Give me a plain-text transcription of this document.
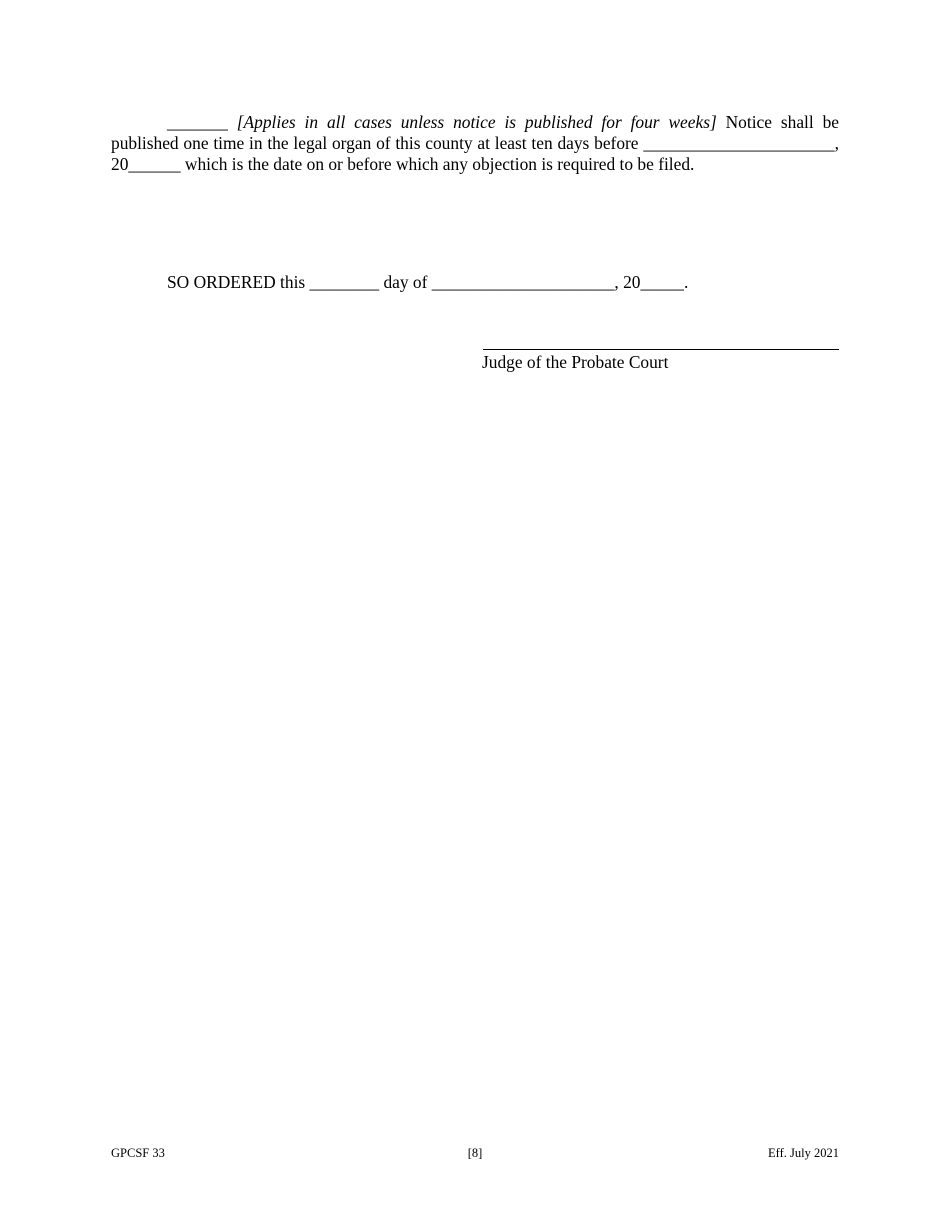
_______ [Applies in all cases unless notice is published for four weeks] Notice shall be published one time in the legal organ of this county at least ten days before ______________________, 20______ which is the date on or before which any objection is required to be filed.

SO ORDERED this ________ day of _____________________, 20_____.
Judge of the Probate Court
GPCSF 33	[8]	Eff. July 2021
